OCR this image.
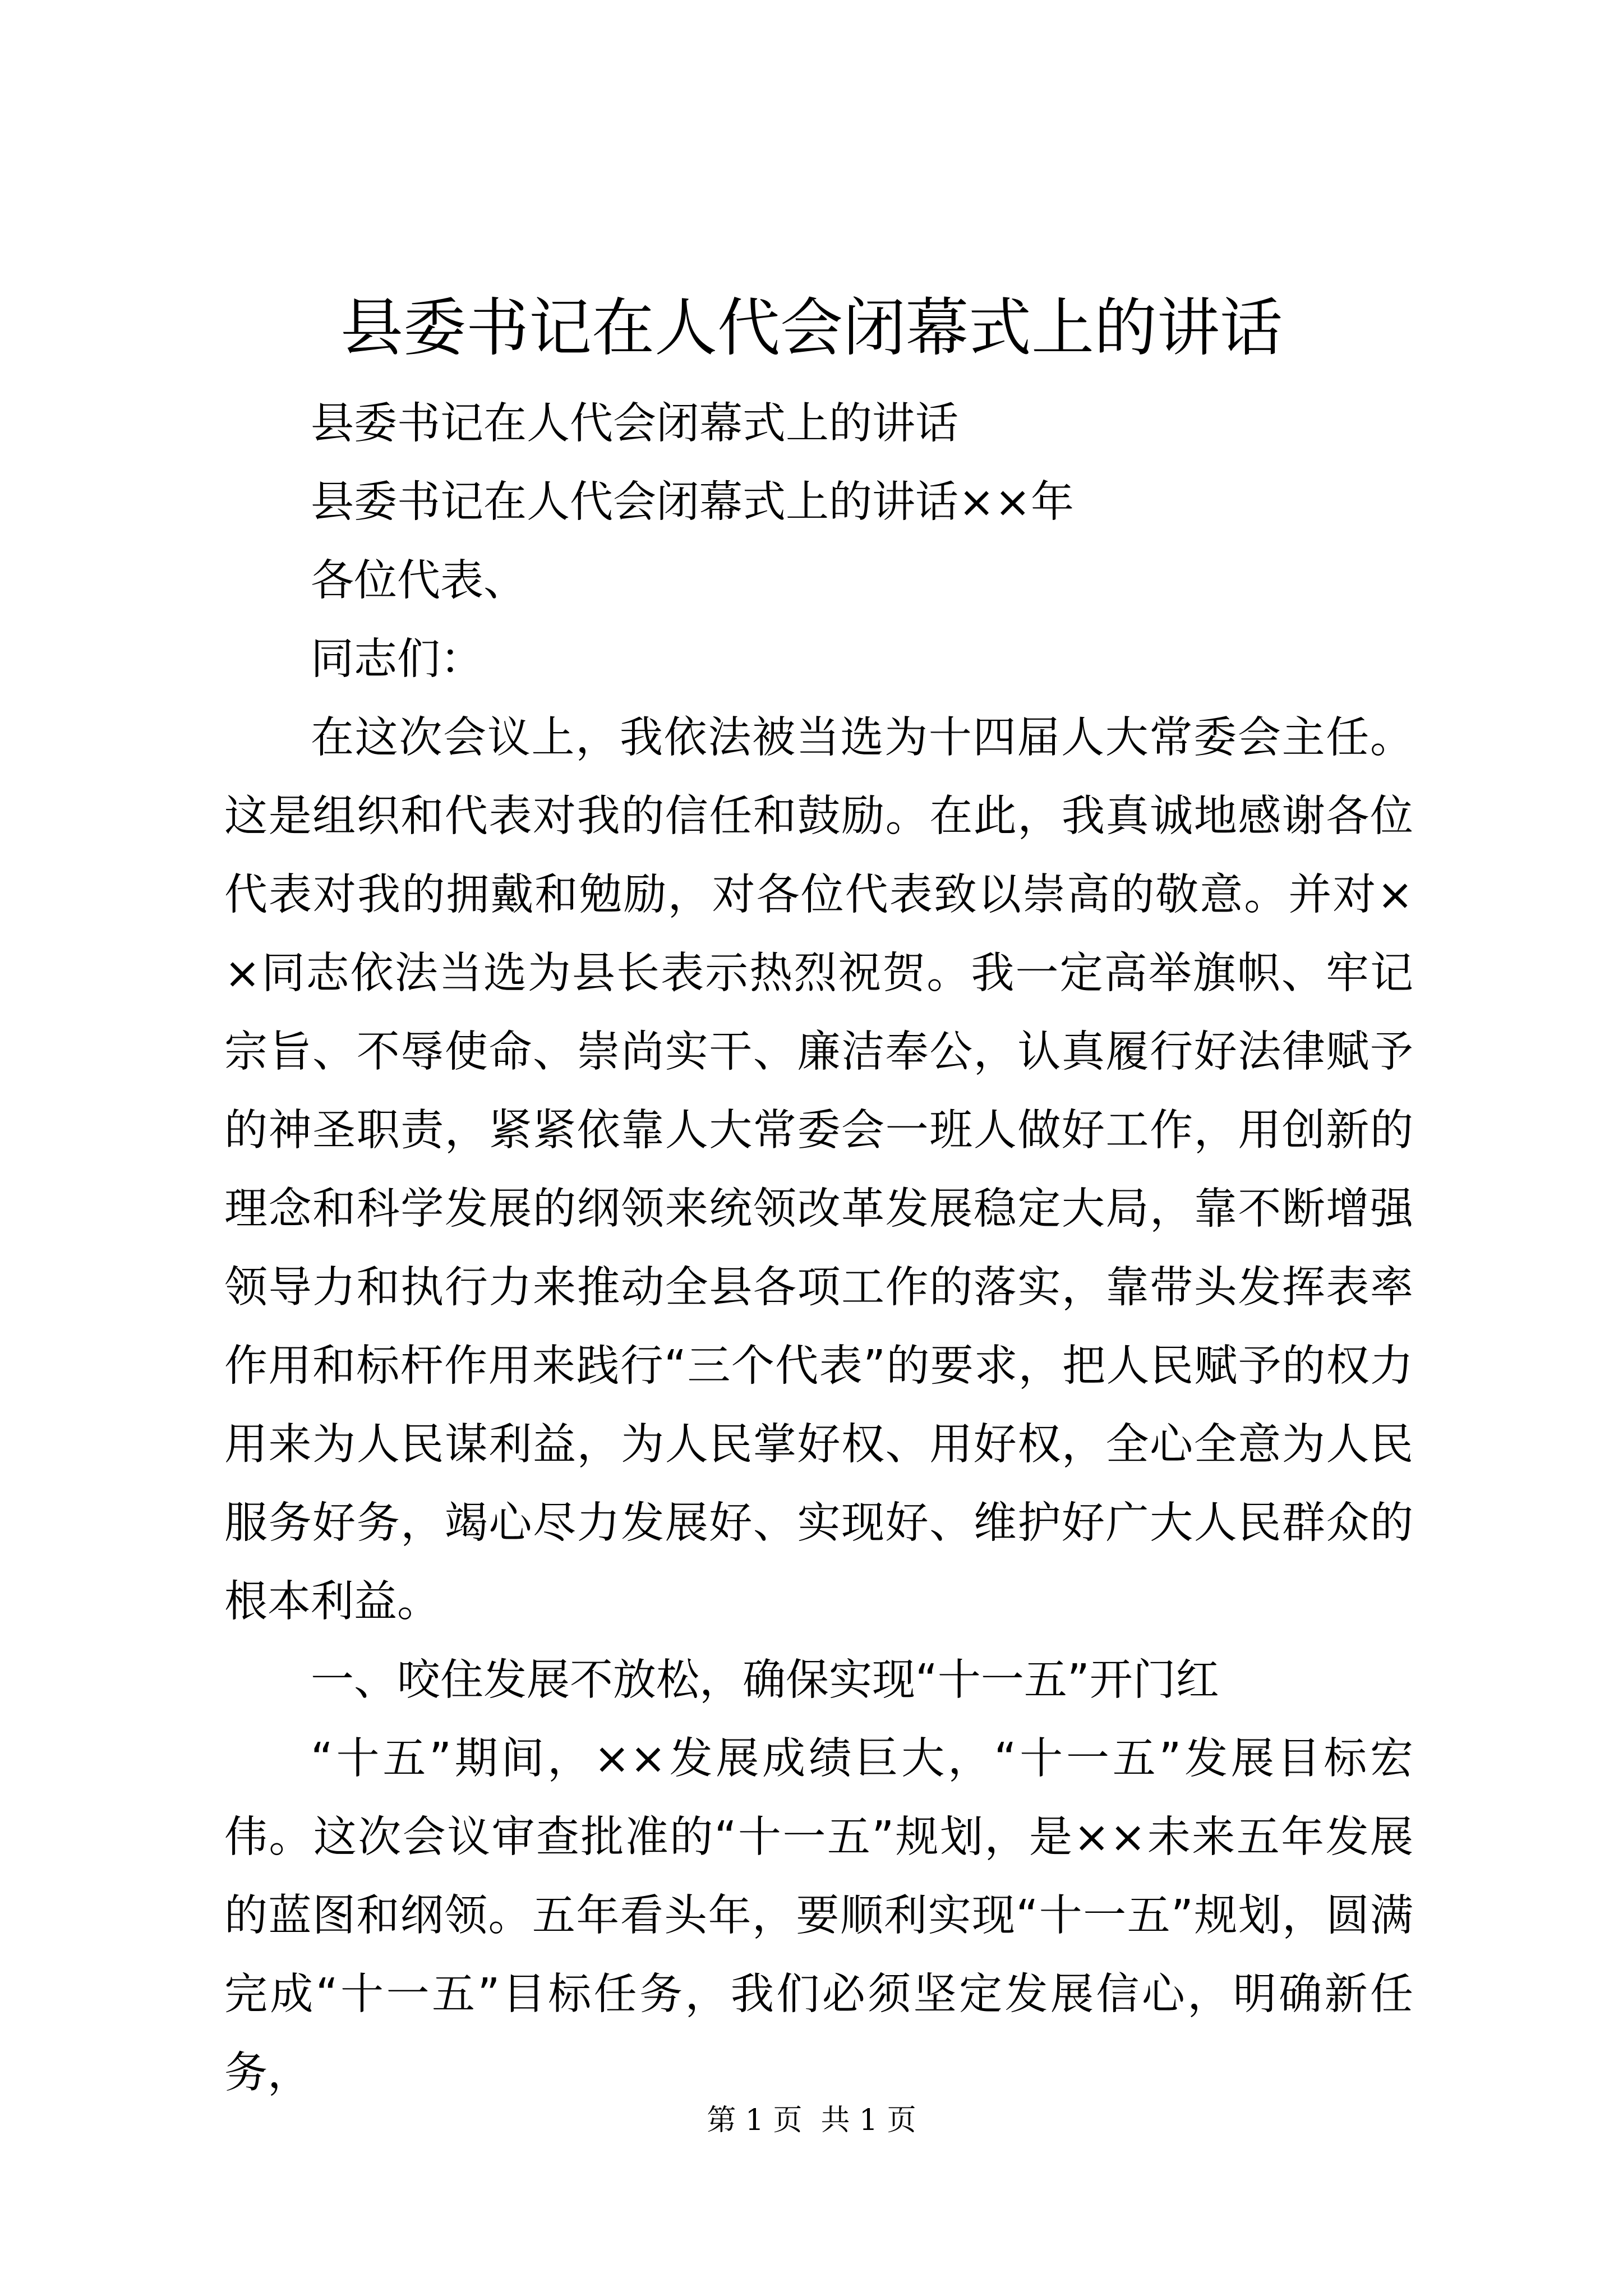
县委书记在人代会闭幕式上的讲话

县委书记在人代会闭幕式上的讲话

县委书记在人代会闭幕式上的讲话××年

各位代表、

同志们：

在这次会议上，我依法被当选为十四届人大常委会主任。这是组织和代表对我的信任和鼓励。在此，我真诚地感谢各位代表对我的拥戴和勉励，对各位代表致以崇高的敬意。并对××同志依法当选为县长表示热烈祝贺。我一定高举旗帜、牢记宗旨、不辱使命、崇尚实干、廉洁奉公，认真履行好法律赋予的神圣职责，紧紧依靠人大常委会一班人做好工作，用创新的理念和科学发展的纲领来统领改革发展稳定大局，靠不断增强领导力和执行力来推动全县各项工作的落实，靠带头发挥表率作用和标杆作用来践行“三个代表”的要求，把人民赋予的权力用来为人民谋利益，为人民掌好权、用好权，全心全意为人民服务好务，竭心尽力发展好、实现好、维护好广大人民群众的根本利益。

一、咬住发展不放松，确保实现“十一五”开门红

“十五”期间，××发展成绩巨大，“十一五”发展目标宏伟。这次会议审查批准的“十一五”规划，是××未来五年发展的蓝图和纲领。五年看头年，要顺利实现“十一五”规划，圆满完成“十一五”目标任务，我们必须坚定发展信心，明确新任务，

第 1 页 共 1 页
